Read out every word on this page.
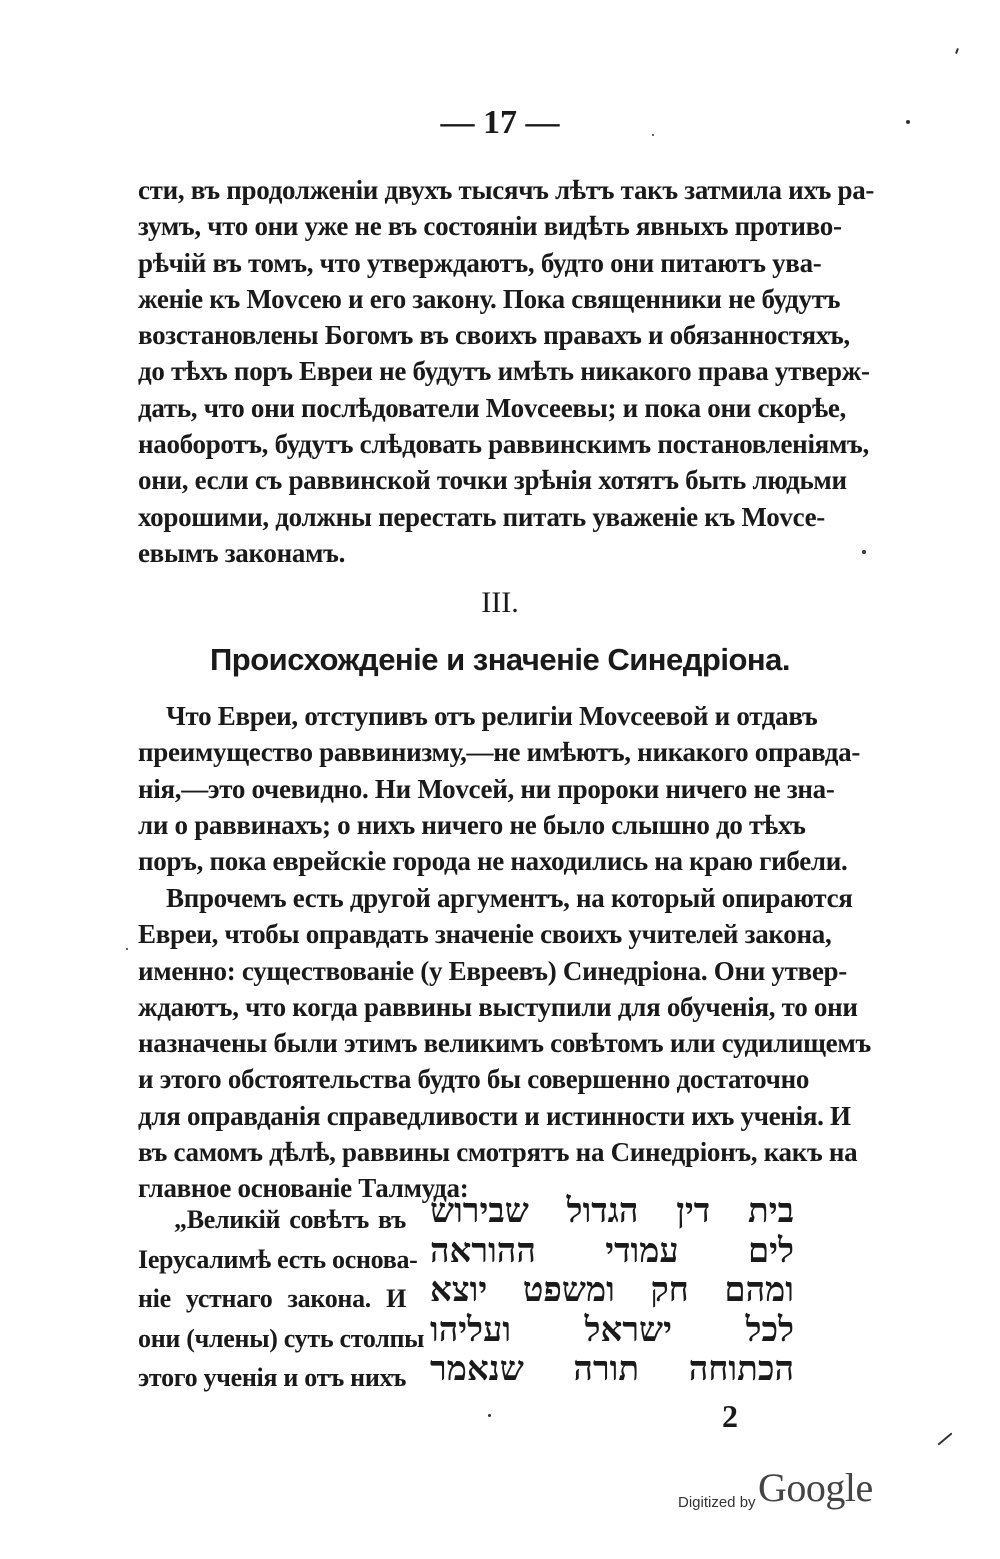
— 17 —
сти, въ продолженіи двухъ тысячъ лѣтъ такъ затмила ихъ ра-
зумъ, что они уже не въ состояніи видѣть явныхъ противо-
рѣчій въ томъ, что утверждаютъ, будто они питаютъ ува-
женіе къ Моvсею и его закону. Пока священники не будутъ
возстановлены Богомъ въ своихъ правахъ и обязанностяхъ,
до тѣхъ поръ Евреи не будутъ имѣть никакого права утверж-
дать, что они послѣдователи Моvсеевы; и пока они скорѣе,
наоборотъ, будутъ слѣдовать раввинскимъ постановленіямъ,
они, если съ раввинской точки зрѣнія хотятъ быть людьми
хорошими, должны перестать питать уваженіе къ Моvсе-
евымъ законамъ.
III.
Происхожденіе и значеніе Синедріона.
Что Евреи, отступивъ отъ религіи Моvсеевой и отдавъ
преимущество раввинизму,—не имѣютъ, никакого оправда-
нія,—это очевидно. Ни Моvсей, ни пророки ничего не зна-
ли о раввинахъ; о нихъ ничего не было слышно до тѣхъ
поръ, пока еврейскіе города не находились на краю гибели.
Впрочемъ есть другой аргументъ, на который опираются
Евреи, чтобы оправдать значеніе своихъ учителей закона,
именно: существованіе (у Евреевъ) Синедріона. Они утвер-
ждаютъ, что когда раввины выступили для обученія, то они
назначены были этимъ великимъ совѣтомъ или судилищемъ
и этого обстоятельства будто бы совершенно достаточно
для оправданія справедливости и истинности ихъ ученія. И
въ самомъ дѣлѣ, раввины смотрятъ на Синедріонъ, какъ на
главное основаніе Талмуда:
„Великій совѣтъ въ
Іерусалимѣ есть основа-
ніе устнаго закона. И
они (члены) суть столпы
этого ученія и отъ нихъ
בית דין הגדול שבירוש
לים עמודי ההוראה
ומהם חק ומשפט יוצא
לכל ישראל ועליהו
הכתוחה תורה שנאמר
2
Digitized by Google
